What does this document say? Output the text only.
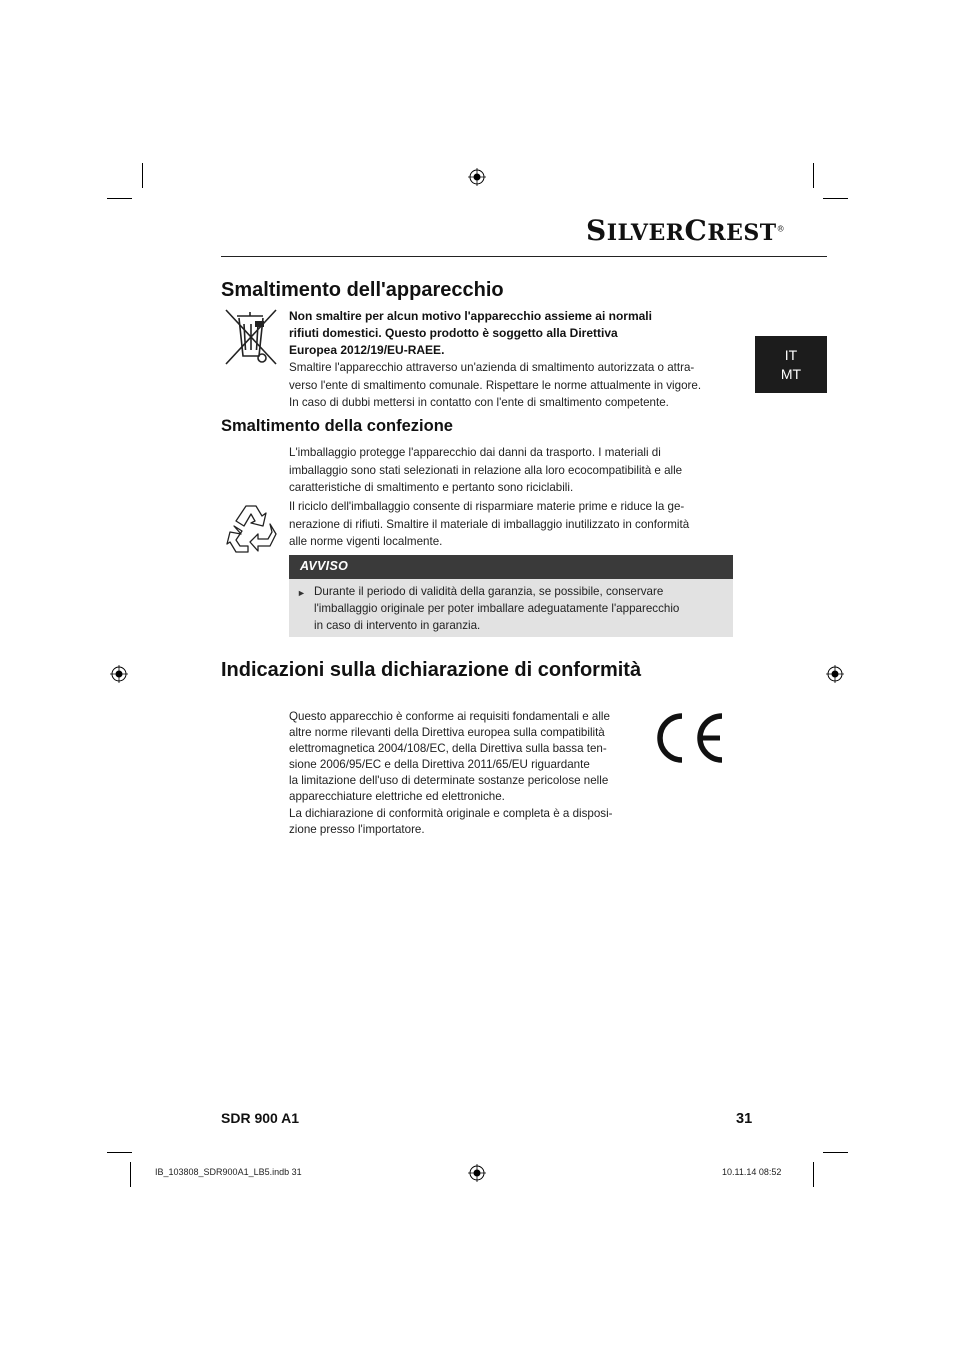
SILVERCREST®
IT
MT
Smaltimento dell'apparecchio

Non smaltire per alcun motivo l'apparecchio assieme ai normali
rifiuti domestici. Questo prodotto è soggetto alla Direttiva
Europea 2012/19/EU-RAEE.

Smaltire l'apparecchio attraverso un'azienda di smaltimento autorizzata o attra-
verso l'ente di smaltimento comunale. Rispettare le norme attualmente in vigore.
In caso di dubbi mettersi in contatto con l'ente di smaltimento competente.

Smaltimento della confezione

L'imballaggio protegge l'apparecchio dai danni da trasporto. I materiali di
imballaggio sono stati selezionati in relazione alla loro ecocompatibilità e alle
caratteristiche di smaltimento e pertanto sono riciclabili.

Il riciclo dell'imballaggio consente di risparmiare materie prime e riduce la ge-
nerazione di rifiuti. Smaltire il materiale di imballaggio inutilizzato in conformità
alle norme vigenti localmente.

AVVISO
► Durante il periodo di validità della garanzia, se possibile, conservare
l'imballaggio originale per poter imballare adeguatamente l'apparecchio
in caso di intervento in garanzia.
Indicazioni sulla dichiarazione di conformità

Questo apparecchio è conforme ai requisiti fondamentali e alle
altre norme rilevanti della Direttiva europea sulla compatibilità
elettromagnetica 2004/108/EC, della Direttiva sulla bassa ten-
sione 2006/95/EC e della Direttiva 2011/65/EU riguardante
la limitazione dell'uso di determinate sostanze pericolose nelle
apparecchiature elettriche ed elettroniche.
La dichiarazione di conformità originale e completa è a disposi-
zione presso l'importatore.

SDR 900 A1	31
IB_103808_SDR900A1_LB5.indb 31	10.11.14 08:52
